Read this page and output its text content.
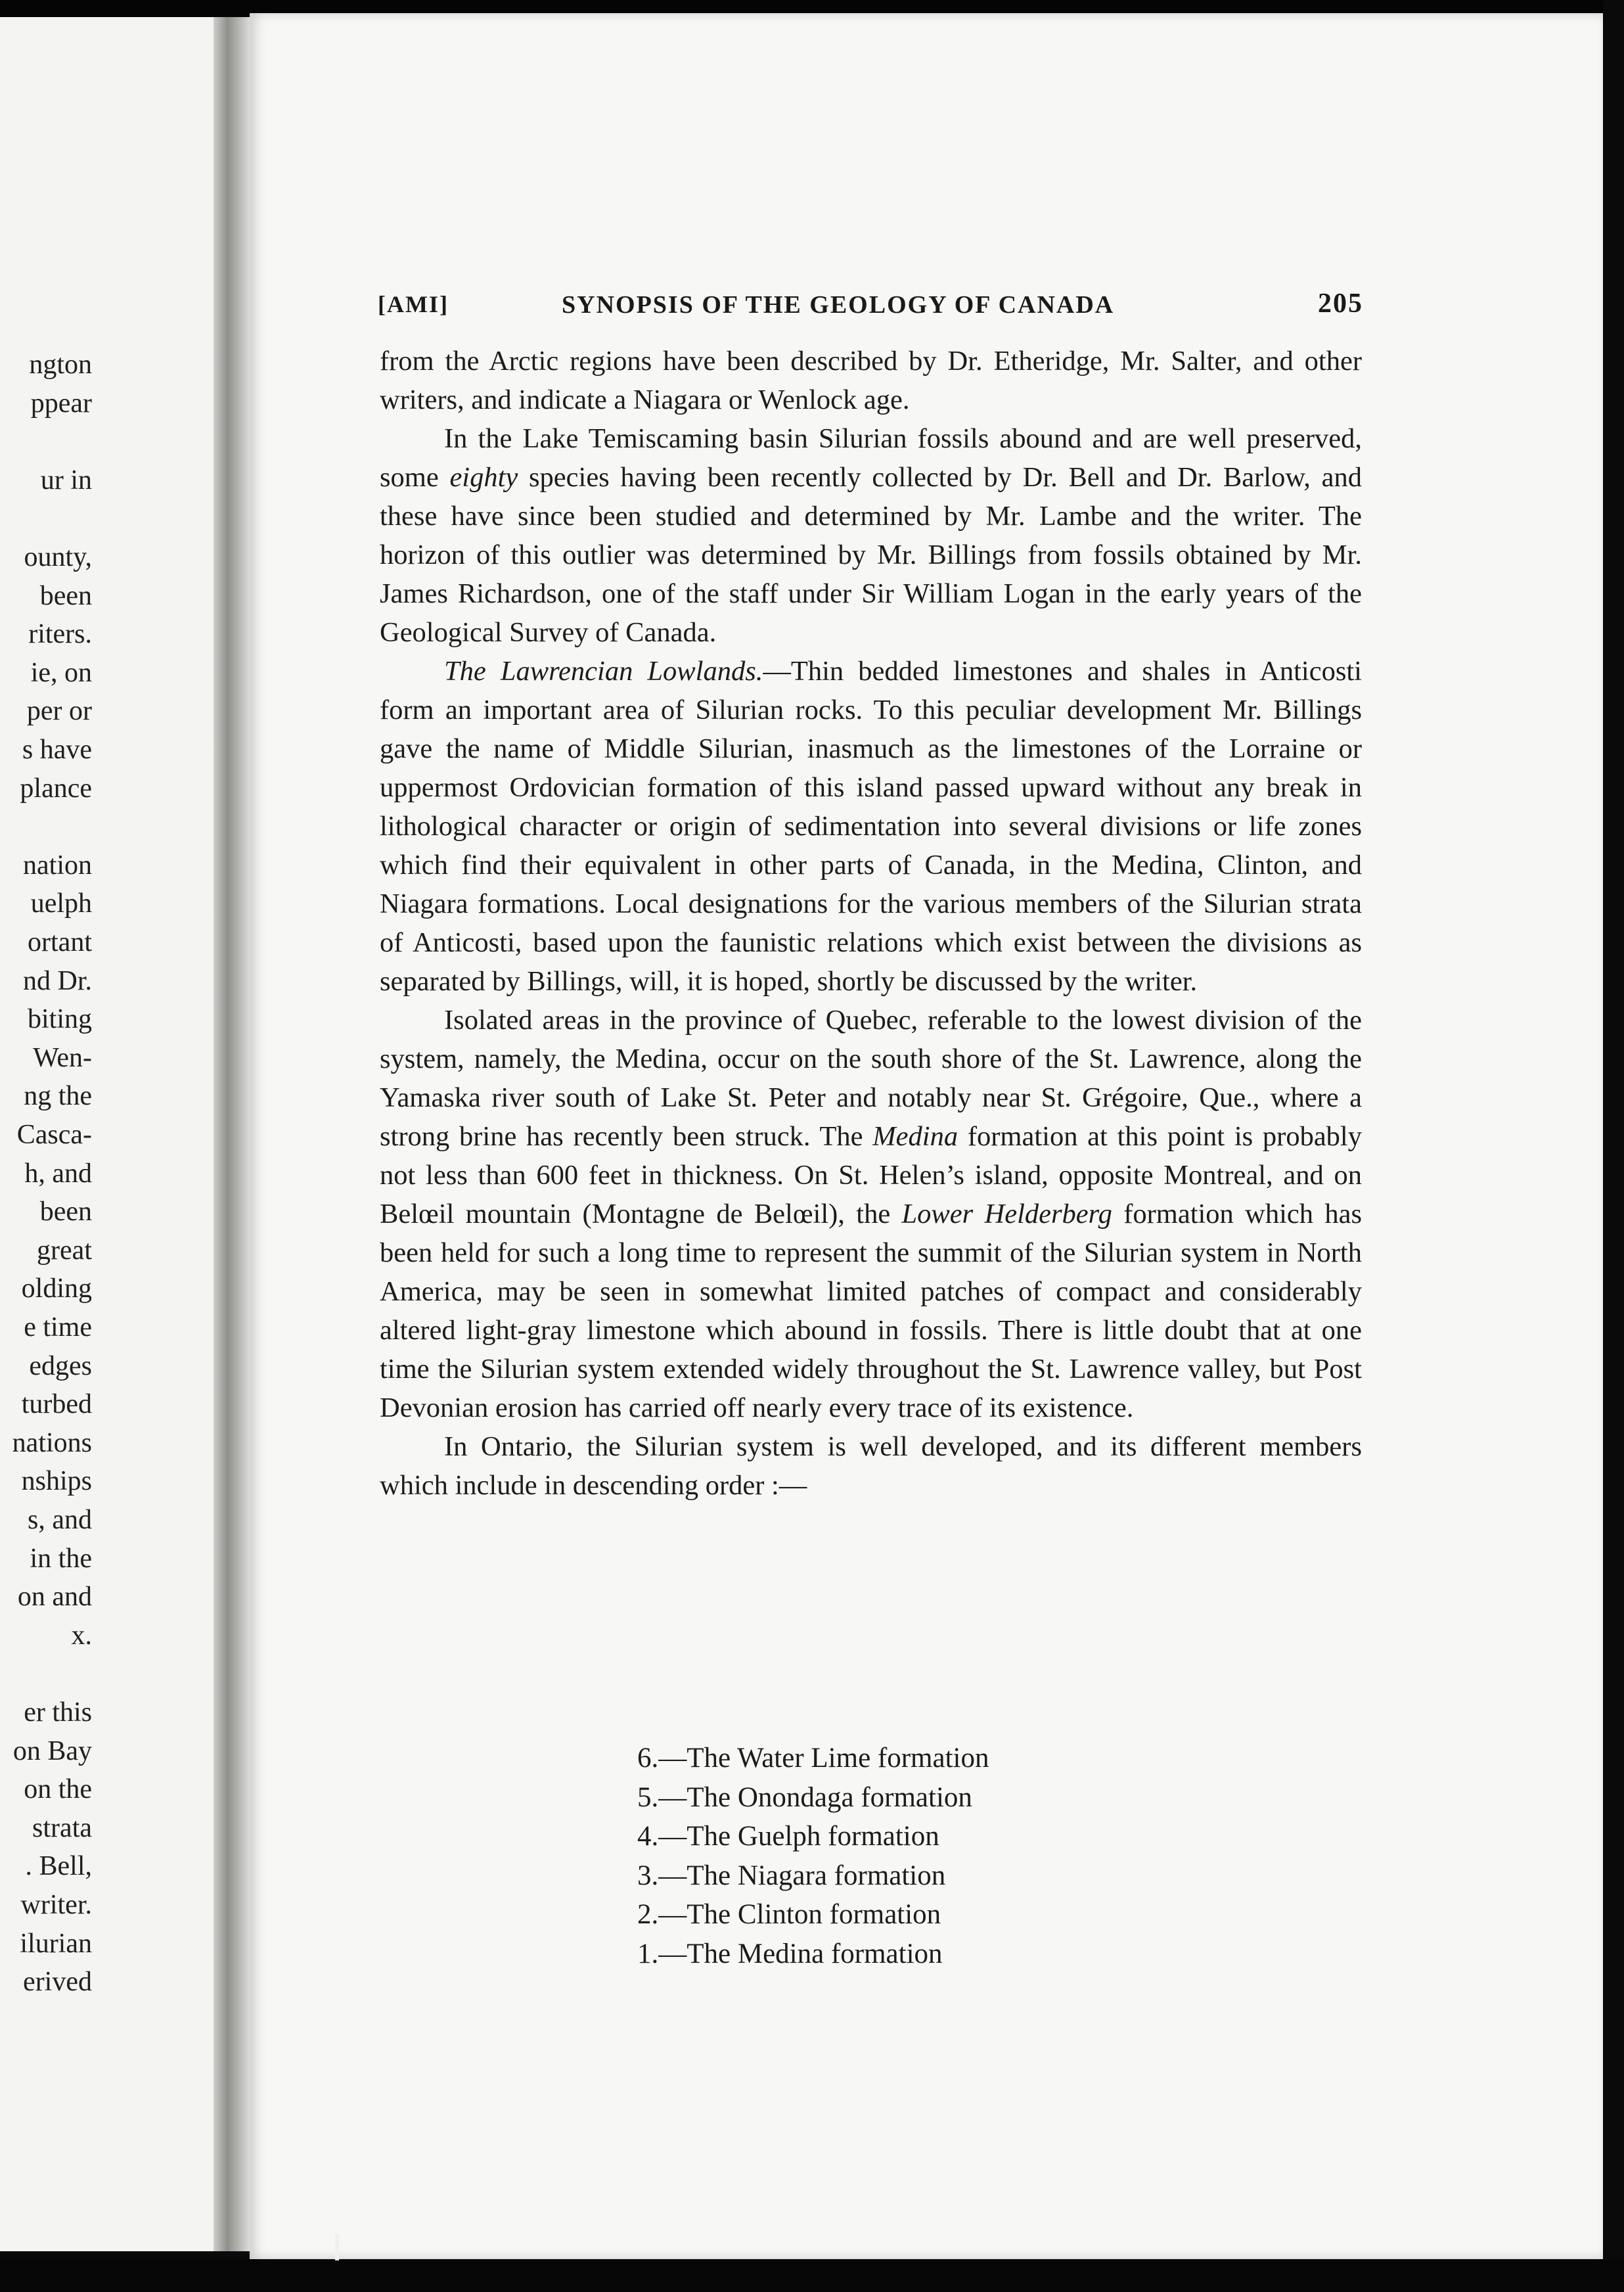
ngton
ppear
ur in
ounty,
been
riters.
ie, on
per or
s have
plance
nation
uelph
ortant
nd Dr.
biting
Wen-
ng the
Casca-
h, and
been
great
olding
e time
edges
turbed
nations
nships
s, and
in the
on and
x.
er this
on Bay
on the
strata
. Bell,
writer.
ilurian
erived
[AMI]	SYNOPSIS OF THE GEOLOGY OF CANADA	205

from the Arctic regions have been described by Dr. Etheridge, Mr. Salter, and other writers, and indicate a Niagara or Wenlock age.

In the Lake Temiscaming basin Silurian fossils abound and are well preserved, some eighty species having been recently collected by Dr. Bell and Dr. Barlow, and these have since been studied and determined by Mr. Lambe and the writer. The horizon of this outlier was determined by Mr. Billings from fossils obtained by Mr. James Richardson, one of the staff under Sir William Logan in the early years of the Geological Survey of Canada.

The Lawrencian Lowlands.—Thin bedded limestones and shales in Anticosti form an important area of Silurian rocks. To this peculiar development Mr. Billings gave the name of Middle Silurian, inasmuch as the limestones of the Lorraine or uppermost Ordovician formation of this island passed upward without any break in lithological character or origin of sedimentation into several divisions or life zones which find their equivalent in other parts of Canada, in the Medina, Clinton, and Niagara formations. Local designations for the various members of the Silurian strata of Anticosti, based upon the faunistic relations which exist between the divisions as separated by Billings, will, it is hoped, shortly be discussed by the writer.

Isolated areas in the province of Quebec, referable to the lowest division of the system, namely, the Medina, occur on the south shore of the St. Lawrence, along the Yamaska river south of Lake St. Peter and notably near St. Grégoire, Que., where a strong brine has recently been struck. The Medina formation at this point is probably not less than 600 feet in thickness. On St. Helen’s island, opposite Montreal, and on Belœil mountain (Montagne de Belœil), the Lower Helderberg formation which has been held for such a long time to represent the summit of the Silurian system in North America, may be seen in somewhat limited patches of compact and considerably altered light-gray limestone which abound in fossils. There is little doubt that at one time the Silurian system extended widely throughout the St. Lawrence valley, but Post Devonian erosion has carried off nearly every trace of its existence.

In Ontario, the Silurian system is well developed, and its different members which include in descending order :—

6.—The Water Lime formation
5.—The Onondaga formation
4.—The Guelph formation
3.—The Niagara formation
2.—The Clinton formation
1.—The Medina formation
